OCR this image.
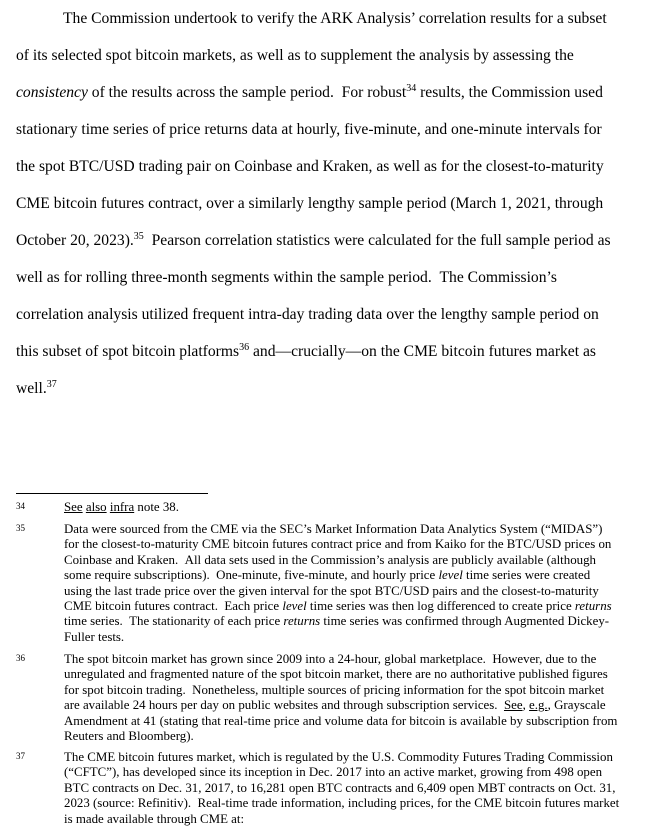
The Commission undertook to verify the ARK Analysis’ correlation results for a subset
of its selected spot bitcoin markets, as well as to supplement the analysis by assessing the
consistency of the results across the sample period.  For robust$^{34}$ results, the Commission used
stationary time series of price returns data at hourly, five-minute, and one-minute intervals for
the spot BTC/USD trading pair on Coinbase and Kraken, as well as for the closest-to-maturity
CME bitcoin futures contract, over a similarly lengthy sample period (March 1, 2021, through
October 20, 2023).$^{35}$  Pearson correlation statistics were calculated for the full sample period as
well as for rolling three-month segments within the sample period.  The Commission’s
correlation analysis utilized frequent intra-day trading data over the lengthy sample period on
this subset of spot bitcoin platforms$^{36}$ and—crucially—on the CME bitcoin futures market as
well.$^{37}$
34	See also infra note 38.
35	Data were sourced from the CME via the SEC’s Market Information Data Analytics System (“MIDAS”)
for the closest-to-maturity CME bitcoin futures contract price and from Kaiko for the BTC/USD prices on
Coinbase and Kraken.  All data sets used in the Commission’s analysis are publicly available (although
some require subscriptions).  One-minute, five-minute, and hourly price level time series were created
using the last trade price over the given interval for the spot BTC/USD pairs and the closest-to-maturity
CME bitcoin futures contract.  Each price level time series was then log differenced to create price returns
time series.  The stationarity of each price returns time series was confirmed through Augmented Dickey-
Fuller tests.
36	The spot bitcoin market has grown since 2009 into a 24-hour, global marketplace.  However, due to the
unregulated and fragmented nature of the spot bitcoin market, there are no authoritative published figures
for spot bitcoin trading.  Nonetheless, multiple sources of pricing information for the spot bitcoin market
are available 24 hours per day on public websites and through subscription services.  See, e.g., Grayscale
Amendment at 41 (stating that real-time price and volume data for bitcoin is available by subscription from
Reuters and Bloomberg).
37	The CME bitcoin futures market, which is regulated by the U.S. Commodity Futures Trading Commission
(“CFTC”), has developed since its inception in Dec. 2017 into an active market, growing from 498 open
BTC contracts on Dec. 31, 2017, to 16,281 open BTC contracts and 6,409 open MBT contracts on Oct. 31,
2023 (source: Refinitiv).  Real-time trade information, including prices, for the CME bitcoin futures market
is made available through CME at:
